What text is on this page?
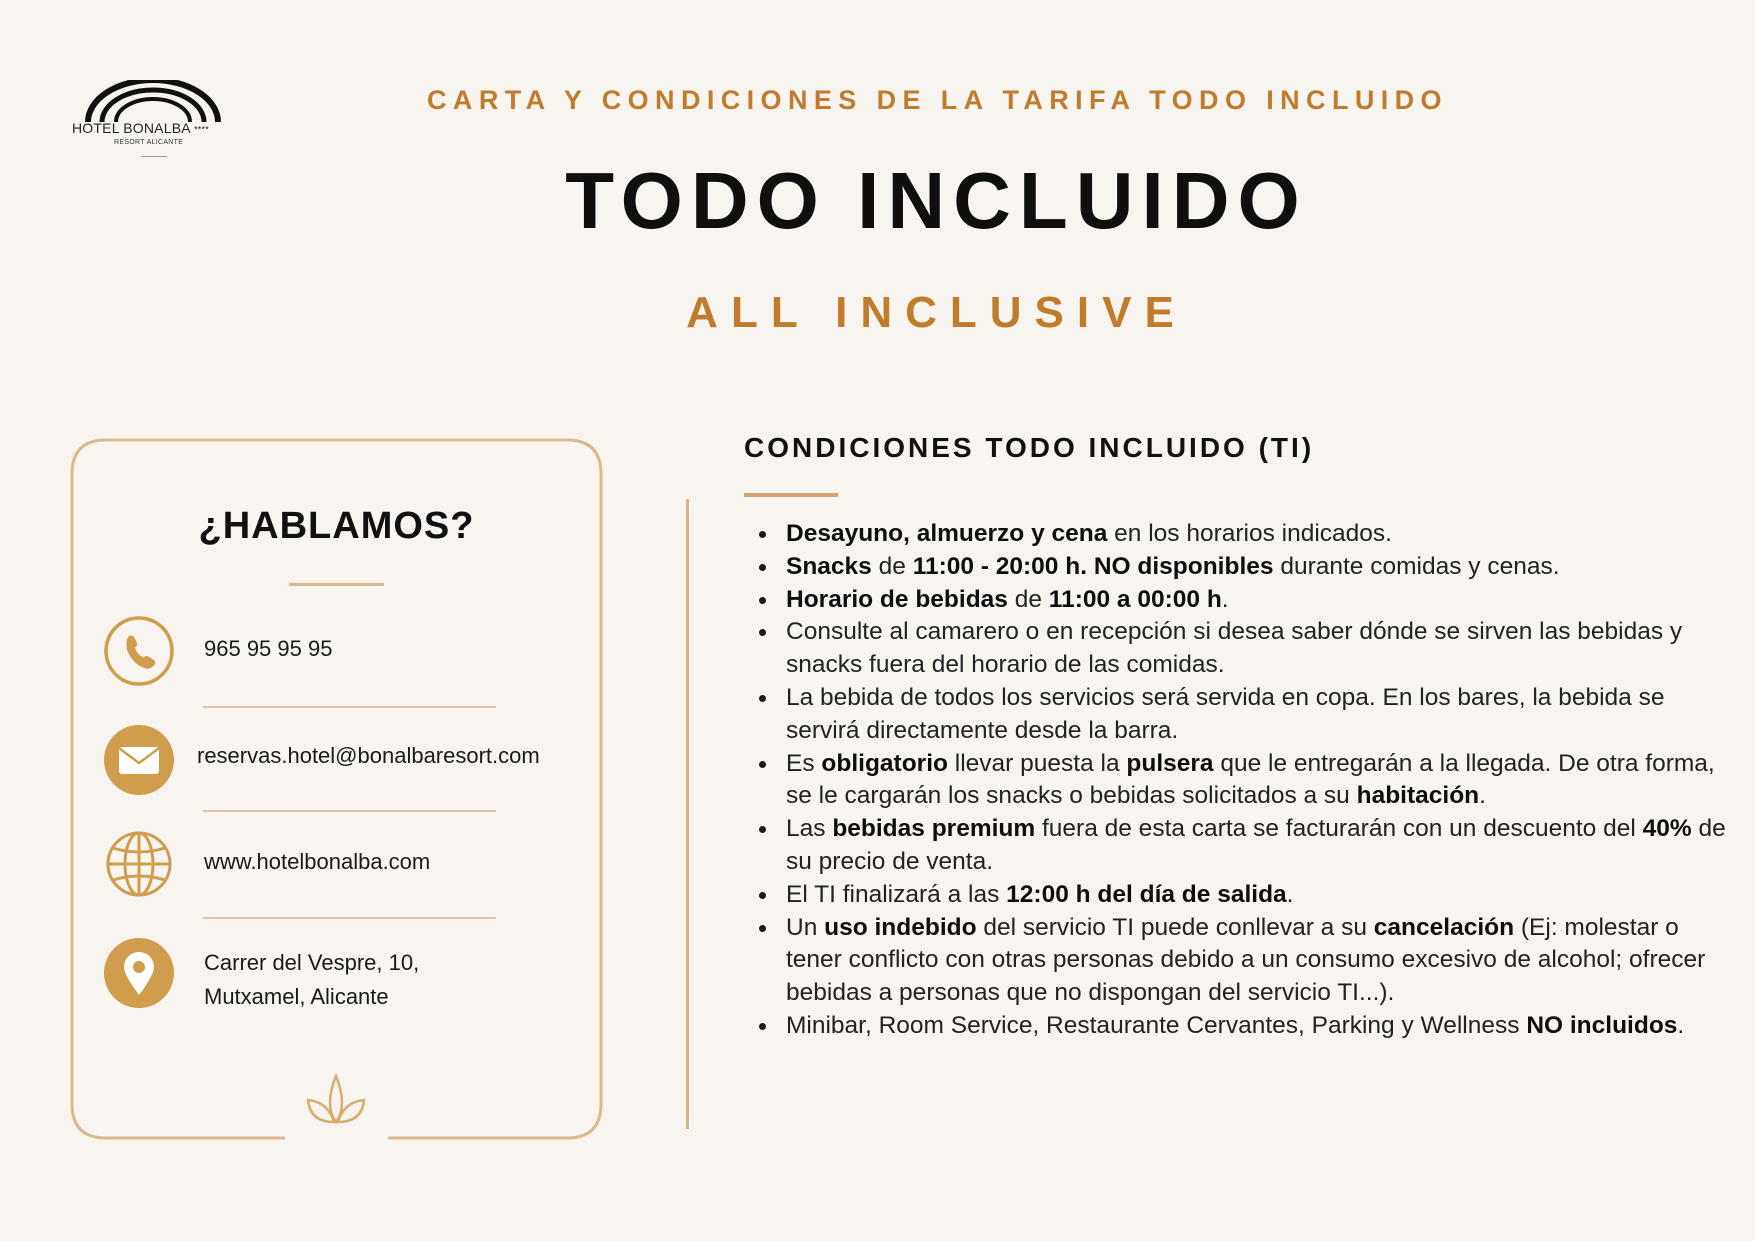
HOTEL BONALBA ****
RESORT ALICANTE
CARTA Y CONDICIONES DE LA TARIFA TODO INCLUIDO
TODO INCLUIDO
ALL INCLUSIVE
¿HABLAMOS?
965 95 95 95
reservas.hotel@bonalbaresort.com
www.hotelbonalba.com
Carrer del Vespre, 10,
Mutxamel, Alicante
CONDICIONES TODO INCLUIDO (TI)
Desayuno, almuerzo y cena en los horarios indicados.
Snacks de 11:00 - 20:00 h. NO disponibles durante comidas y cenas.
Horario de bebidas de 11:00 a 00:00 h.
Consulte al camarero o en recepción si desea saber dónde se sirven las bebidas y snacks fuera del horario de las comidas.
La bebida de todos los servicios será servida en copa. En los bares, la bebida se servirá directamente desde la barra.
Es obligatorio llevar puesta la pulsera que le entregarán a la llegada. De otra forma, se le cargarán los snacks o bebidas solicitados a su habitación.
Las bebidas premium fuera de esta carta se facturarán con un descuento del 40% de su precio de venta.
El TI finalizará a las 12:00 h del día de salida.
Un uso indebido del servicio TI puede conllevar a su cancelación (Ej: molestar o tener conflicto con otras personas debido a un consumo excesivo de alcohol; ofrecer bebidas a personas que no dispongan del servicio TI...).
Minibar, Room Service, Restaurante Cervantes, Parking y Wellness NO incluidos.
